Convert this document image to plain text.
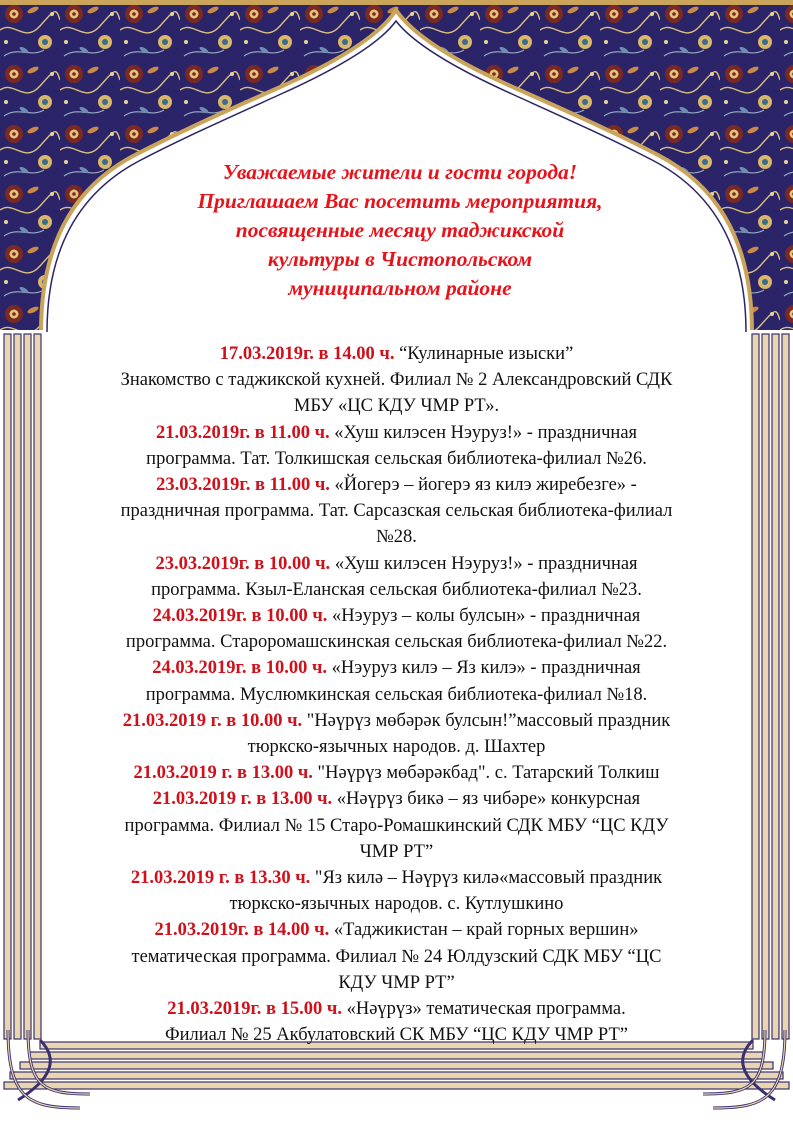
Уважаемые жители и гости города!
Приглашаем Вас посетить мероприятия,
посвященные месяцу таджикской
культуры в Чистопольском
муниципальном районе
17.03.2019г. в 14.00 ч. “Кулинарные изыски”
Знакомство с таджикской кухней. Филиал № 2 Александровский СДК
МБУ «ЦС КДУ ЧМР РТ».
21.03.2019г. в 11.00 ч. «Хуш килэсен Нэуруз!» - праздничная
программа. Тат. Толкишская сельская библиотека-филиал №26.
23.03.2019г. в 11.00 ч. «Йогерэ – йогерэ яз килэ жиребезге» -
праздничная программа. Тат. Сарсазская сельская библиотека-филиал
№28.
23.03.2019г. в 10.00 ч. «Хуш килэсен Нэуруз!» - праздничная
программа. Кзыл-Еланская сельская библиотека-филиал №23.
24.03.2019г. в 10.00 ч. «Нэуруз – колы булсын» - праздничная
программа. Староромашскинская сельская библиотека-филиал №22.
24.03.2019г. в 10.00 ч. «Нэуруз килэ – Яз килэ» - праздничная
программа. Муслюмкинская сельская библиотека-филиал №18.
21.03.2019 г. в 10.00 ч. "Нәүрүз мөбәрәк булсын!”массовый праздник
тюркско-язычных народов. д. Шахтер
21.03.2019 г. в 13.00 ч. "Нәүрүз мөбәрәкбад". с. Татарский Толкиш
21.03.2019 г. в 13.00 ч. «Нәүрүз бикә – яз чибәре» конкурсная
программа. Филиал № 15 Старо-Ромашкинский СДК МБУ “ЦС КДУ
ЧМР РТ”
21.03.2019 г. в 13.30 ч. "Яз килә – Нәүрүз килә«массовый праздник
тюркско-язычных народов. с. Кутлушкино
21.03.2019г. в 14.00 ч. «Таджикистан – край горных вершин»
тематическая программа. Филиал № 24 Юлдузский СДК МБУ “ЦС
КДУ ЧМР РТ”
21.03.2019г. в 15.00 ч. «Нәүрүз» тематическая программа.
Филиал № 25 Акбулатовский СК МБУ “ЦС КДУ ЧМР РТ”
